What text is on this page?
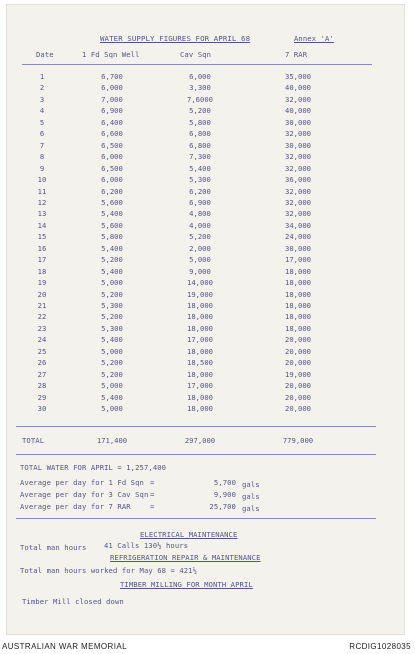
WATER SUPPLY FIGURES FOR APRIL 68	Annex 'A'
Date	1 Fd Sqn Well	Cav Sqn	7 RAR
1	6,700	6,000	35,000
2	6,000	3,300	40,000
3	7,000	7,6000	32,000
4	6,900	5,200	40,000
5	6,400	5,800	30,000
6	6,600	6,800	32,000
7	6,500	6,800	30,000
8	6,000	7,300	32,000
9	6,500	5,400	32,000
10	6,000	5,300	36,000
11	6,200	6,200	32,000
12	5,600	6,900	32,000
13	5,400	4,800	32,000
14	5,600	4,000	34,000
15	5,800	5,200	24,000
16	5,400	2,000	30,000
17	5,200	5,000	17,000
18	5,400	9,000	18,000
19	5,000	14,000	18,000
20	5,200	19,000	18,000
21	5,300	18,000	18,000
22	5,200	18,000	18,000
23	5,300	18,000	18,000
24	5,400	17,000	20,000
25	5,000	18,000	20,000
26	5,200	18,500	20,000
27	5,200	18,000	19,000
28	5,000	17,000	20,000
29	5,400	18,000	20,000
30	5,000	18,000	20,000
TOTAL	171,400	297,000	779,000
TOTAL WATER FOR APRIL = 1,257,400
Average per day for 1 Fd Sqn =	5,700 gals
Average per day for 3 Cav Sqn =	9,900 gals
Average per day for 7 RAR	=	25,700 gals
ELECTRICAL MAINTENANCE
Total man hours 41 Calls 130½ hours
REFRIGERATION REPAIR & MAINTENANCE
Total man hours worked for May 68 = 421½
TIMBER MILLING FOR MONTH APRIL
Timber Mill closed down
AUSTRALIAN WAR MEMORIAL	RCDIG1028035
